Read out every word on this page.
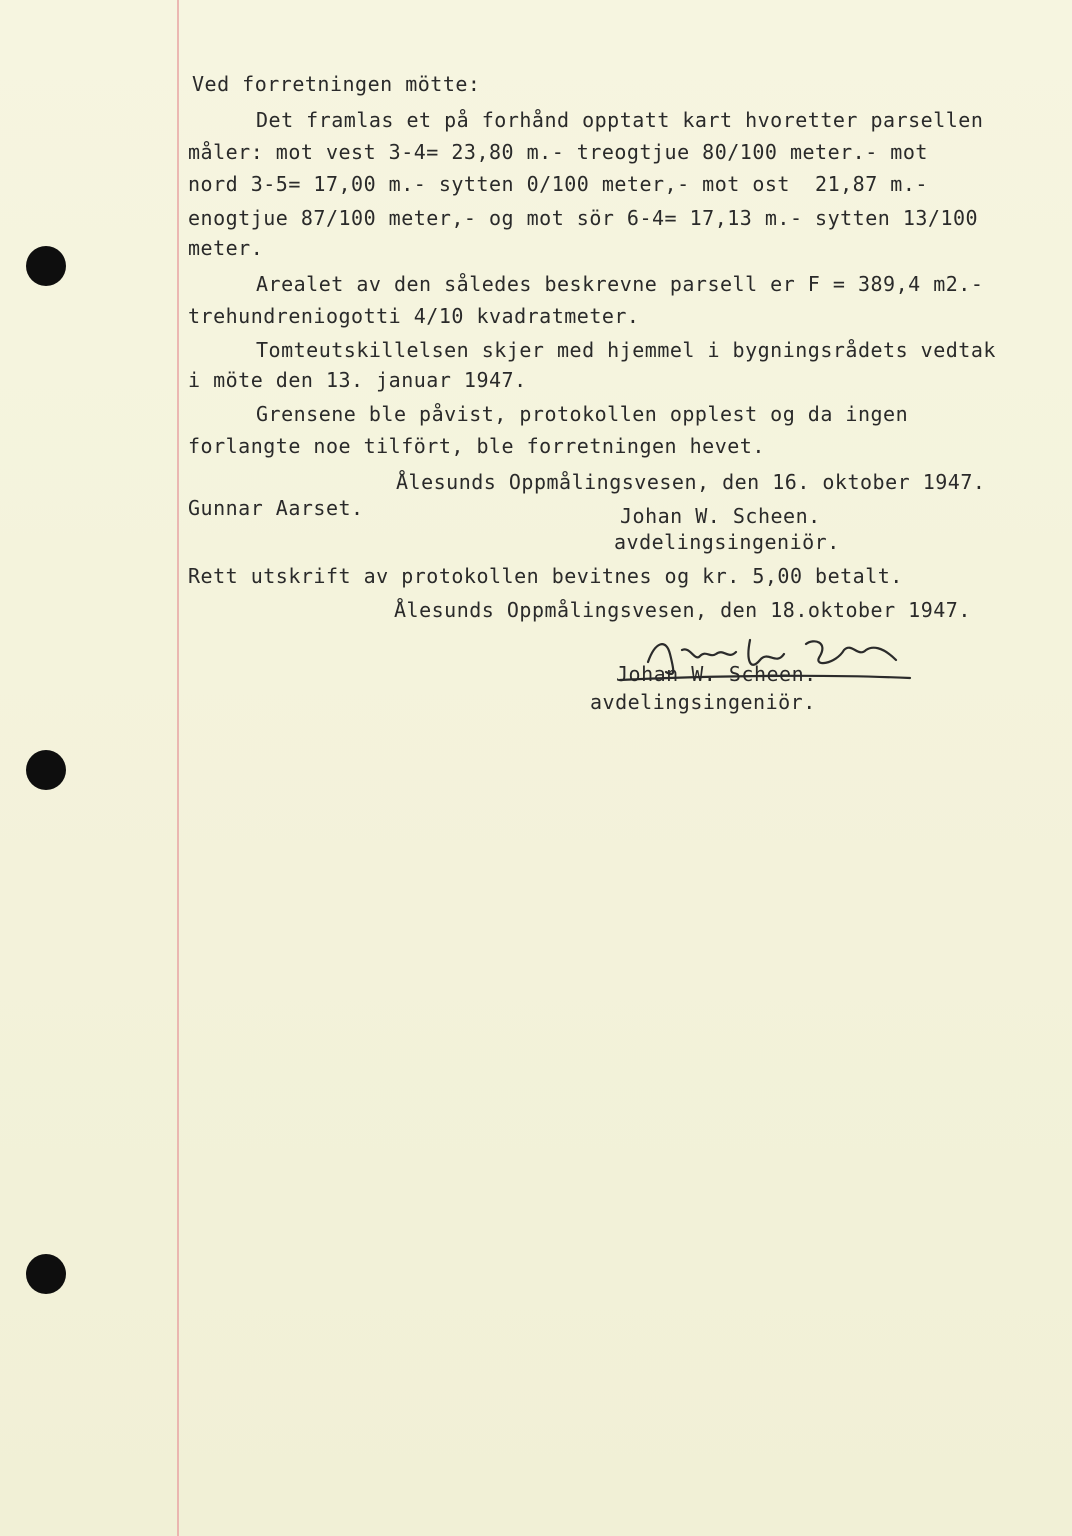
Ved forretningen mötte:
Det framlas et på forhånd opptatt kart hvoretter parsellen
måler: mot vest 3-4= 23,80 m.- treogtjue 80/100 meter.- mot
nord 3-5= 17,00 m.- sytten 0/100 meter,- mot ost  21,87 m.-
enogtjue 87/100 meter,- og mot sör 6-4= 17,13 m.- sytten 13/100
meter.
Arealet av den således beskrevne parsell er F = 389,4 m2.-
trehundreniogotti 4/10 kvadratmeter.
Tomteutskillelsen skjer med hjemmel i bygningsrådets vedtak
i möte den 13. januar 1947.
Grensene ble påvist, protokollen opplest og da ingen
forlangte noe tilfört, ble forretningen hevet.
Ålesunds Oppmålingsvesen, den 16. oktober 1947.
Gunnar Aarset.	Johan W. Scheen.
avdelingsingeniör.
Rett utskrift av protokollen bevitnes og kr. 5,00 betalt.
Ålesunds Oppmålingsvesen, den 18.oktober 1947.
Johan W. Scheen.
avdelingsingeniör.
